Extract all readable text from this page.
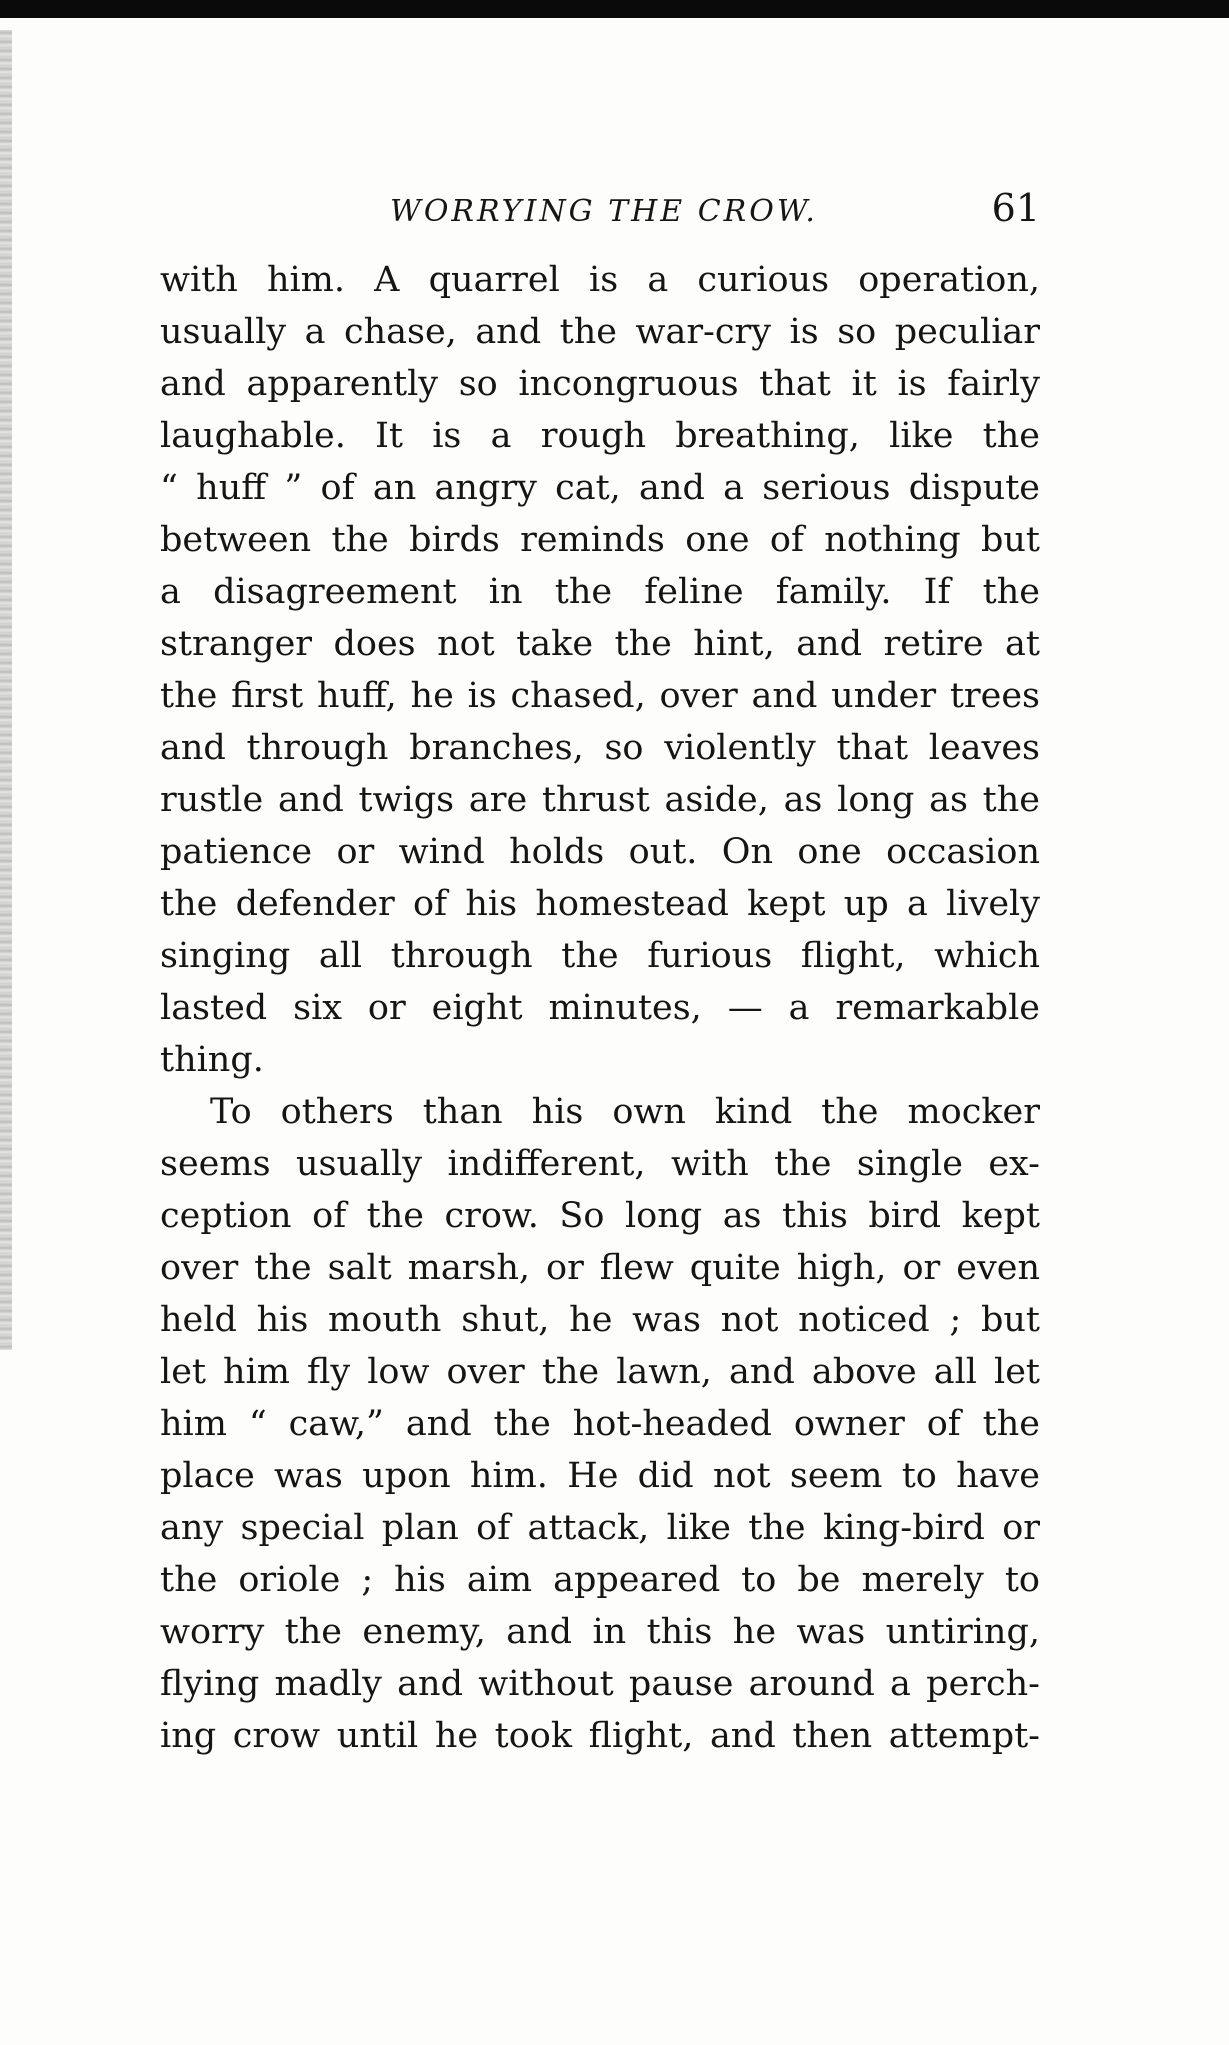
WORRYING THE CROW.	61
with him. A quarrel is a curious operation,
usually a chase, and the war-cry is so peculiar
and apparently so incongruous that it is fairly
laughable. It is a rough breathing, like the
“ huff ” of an angry cat, and a serious dispute
between the birds reminds one of nothing but
a disagreement in the feline family. If the
stranger does not take the hint, and retire at
the first huff, he is chased, over and under trees
and through branches, so violently that leaves
rustle and twigs are thrust aside, as long as the
patience or wind holds out. On one occasion
the defender of his homestead kept up a lively
singing all through the furious flight, which
lasted six or eight minutes, — a remarkable
thing.
To others than his own kind the mocker
seems usually indifferent, with the single ex-
ception of the crow. So long as this bird kept
over the salt marsh, or flew quite high, or even
held his mouth shut, he was not noticed ; but
let him fly low over the lawn, and above all let
him “ caw,” and the hot-headed owner of the
place was upon him. He did not seem to have
any special plan of attack, like the king-bird or
the oriole ; his aim appeared to be merely to
worry the enemy, and in this he was untiring,
flying madly and without pause around a perch-
ing crow until he took flight, and then attempt-
